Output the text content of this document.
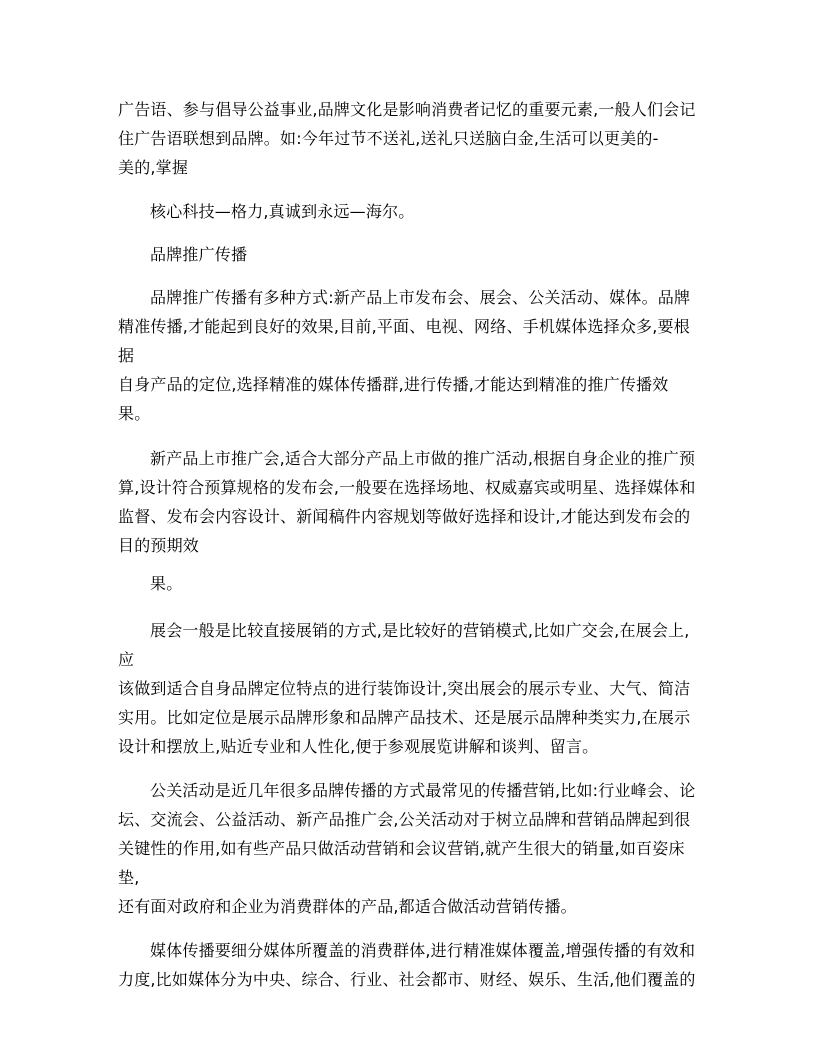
广告语、参与倡导公益事业,品牌文化是影响消费者记忆的重要元素,一般人们会记
住广告语联想到品牌。如:今年过节不送礼,送礼只送脑白金,生活可以更美的-
美的,掌握
核心科技—格力,真诚到永远—海尔。
品牌推广传播
品牌推广传播有多种方式:新产品上市发布会、展会、公关活动、媒体。品牌
精准传播,才能起到良好的效果,目前,平面、电视、网络、手机媒体选择众多,要根据
自身产品的定位,选择精准的媒体传播群,进行传播,才能达到精准的推广传播效果。
新产品上市推广会,适合大部分产品上市做的推广活动,根据自身企业的推广预
算,设计符合预算规格的发布会,一般要在选择场地、权威嘉宾或明星、选择媒体和
监督、发布会内容设计、新闻稿件内容规划等做好选择和设计,才能达到发布会的
目的预期效
果。
展会一般是比较直接展销的方式,是比较好的营销模式,比如广交会,在展会上,应
该做到适合自身品牌定位特点的进行装饰设计,突出展会的展示专业、大气、简洁
实用。比如定位是展示品牌形象和品牌产品技术、还是展示品牌种类实力,在展示
设计和摆放上,贴近专业和人性化,便于参观展览讲解和谈判、留言。
公关活动是近几年很多品牌传播的方式最常见的传播营销,比如:行业峰会、论
坛、交流会、公益活动、新产品推广会,公关活动对于树立品牌和营销品牌起到很
关键性的作用,如有些产品只做活动营销和会议营销,就产生很大的销量,如百姿床垫,
还有面对政府和企业为消费群体的产品,都适合做活动营销传播。
媒体传播要细分媒体所覆盖的消费群体,进行精准媒体覆盖,增强传播的有效和
力度,比如媒体分为中央、综合、行业、社会都市、财经、娱乐、生活,他们覆盖的
